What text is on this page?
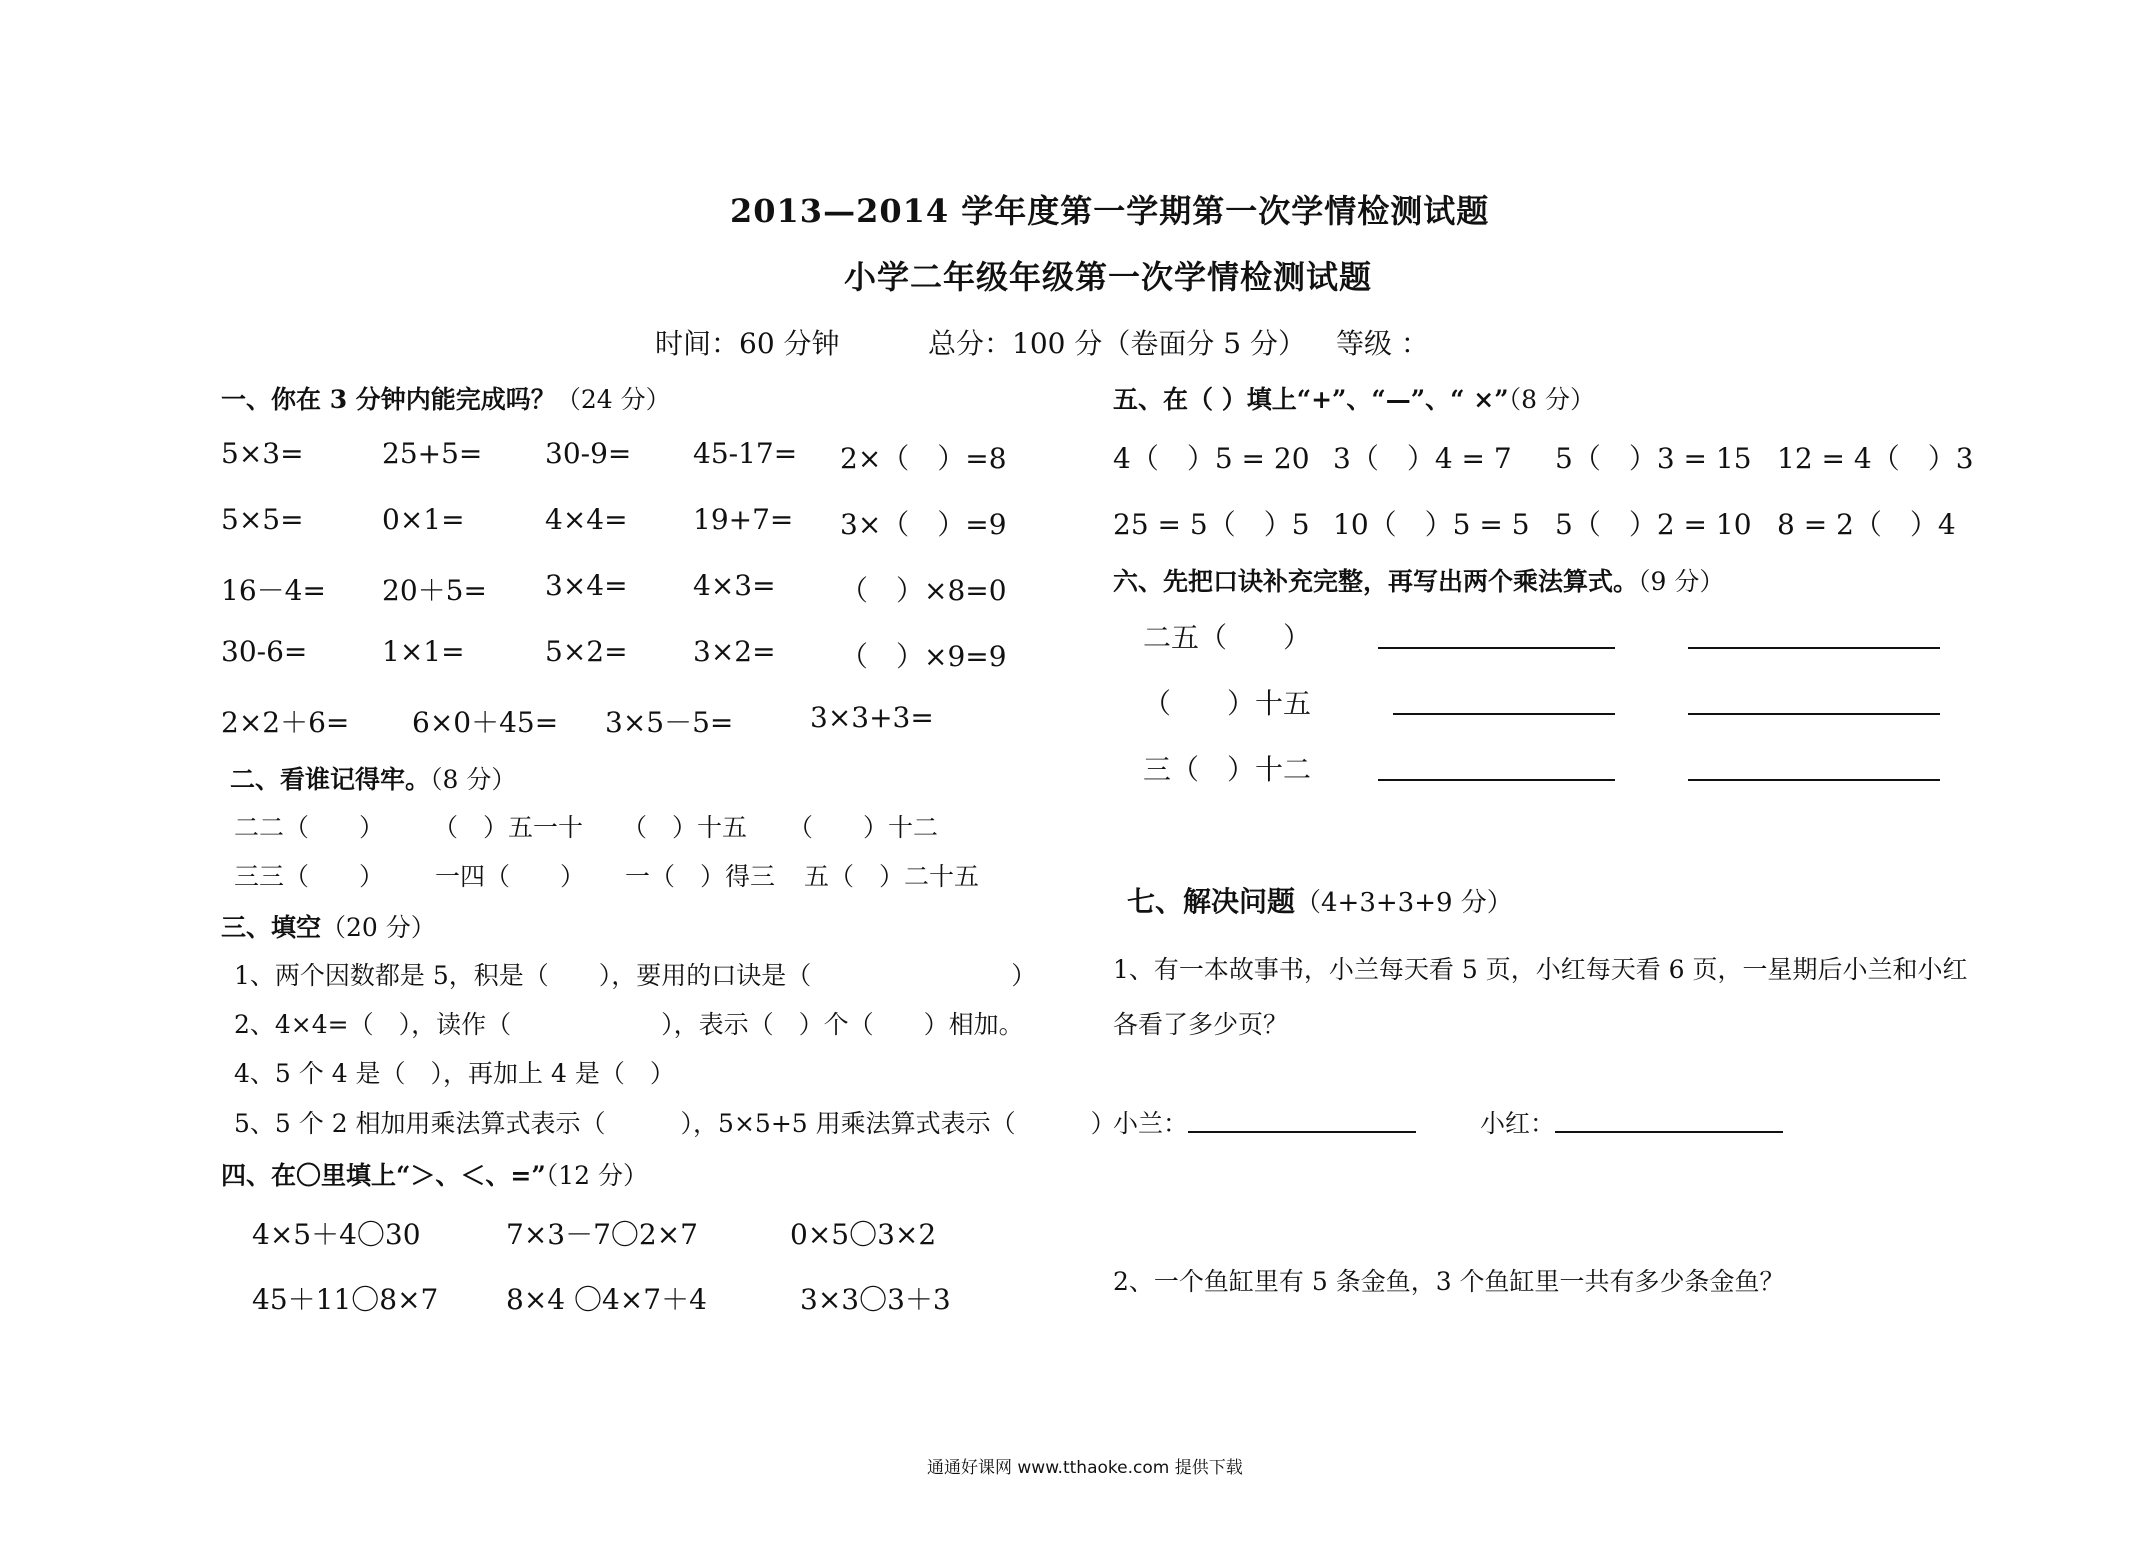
2013—2014 学年度第一学期第一次学情检测试题
小学二年级年级第一次学情检测试题
时间：60 分钟	总分：100 分（卷面分 5 分） 等级 ：
一、你在 3 分钟内能完成吗？（24 分）
5×3=	25+5= 30-9= 45-17= 2×（　）=8
5×5=	0×1=	4×4= 19+7= 3×（　）=9
16－4= 20＋5= 3×4= 4×3= （　）×8=0
30-6=	1×1=	5×2= 3×2= （　）×9=9
2×2＋6= 6×0＋45= 3×5－5=	3×3+3=
二、看谁记得牢。（8 分）
二二（　　） （　）五一十 （　）十五 （　　）十二
三三（　　） 一四（　　） 一（　）得三 五（　）二十五
三、填空（20 分）
1、两个因数都是 5，积是（　　），要用的口诀是（　　　　　　　　）
2、4×4=（　），读作（　　　　　　），表示（　）个（　　）相加。
4、5 个 4 是（　），再加上 4 是（　）
5、5 个 2 相加用乘法算式表示（　　　），5×5+5 用乘法算式表示（　　　）
四、在〇里填上“＞、＜、=”（12 分）
4×5＋4〇30	7×3－7〇2×7	0×5〇3×2
45＋11〇8×7 8×4 〇4×7＋4	3×3〇3＋3
五、在（ ）填上“+”、“—”、“ ×”（8 分）
4（　）5 = 20 3（　）4 = 7 5（　）3 = 15 12 = 4（　）3
25 = 5（　）5 10（　）5 = 5 5（　）2 = 10 8 = 2（　）4
六、先把口诀补充完整，再写出两个乘法算式。（9 分）
二五（　　）
（　　）十五
三（　）十二
七、解决问题（4+3+3+9 分）
1、有一本故事书，小兰每天看 5 页，小红每天看 6 页，一星期后小兰和小红
各看了多少页？
小兰：	小红：
2、一个鱼缸里有 5 条金鱼，3 个鱼缸里一共有多少条金鱼？
通通好课网 www.tthaoke.com 提供下载
